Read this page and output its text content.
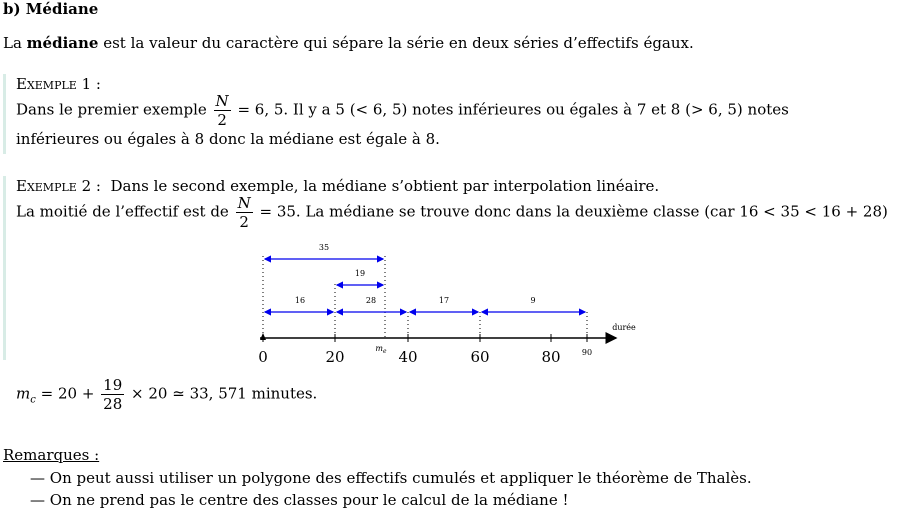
b) Médiane
La médiane est la valeur du caractère qui sépare la série en deux séries d’effectifs égaux.
Exemple 1 :
Dans le premier exemple $\frac{N}{2} = 6$, 5. Il y a 5 (< 6, 5) notes inférieures ou égales à 7 et 8 (> 6, 5) notes
inférieures ou égales à 8 donc la médiane est égale à 8.
Exemple 2 : Dans le second exemple, la médiane s’obtient par interpolation linéaire.
La moitié de l’effectif est de $\frac{N}{2} = 35$. La médiane se trouve donc dans la deuxième classe (car 16 < 35 < 16 + 28)
35
19
16	28	17	9
durée
0	20	40	60	80	90
$m_e$
$m_c = 20 + \frac{19}{28} \times 20$ ≃ 33, 571 minutes.
Remarques :
— On peut aussi utiliser un polygone des effectifs cumulés et appliquer le théorème de Thalès.
— On ne prend pas le centre des classes pour le calcul de la médiane !
